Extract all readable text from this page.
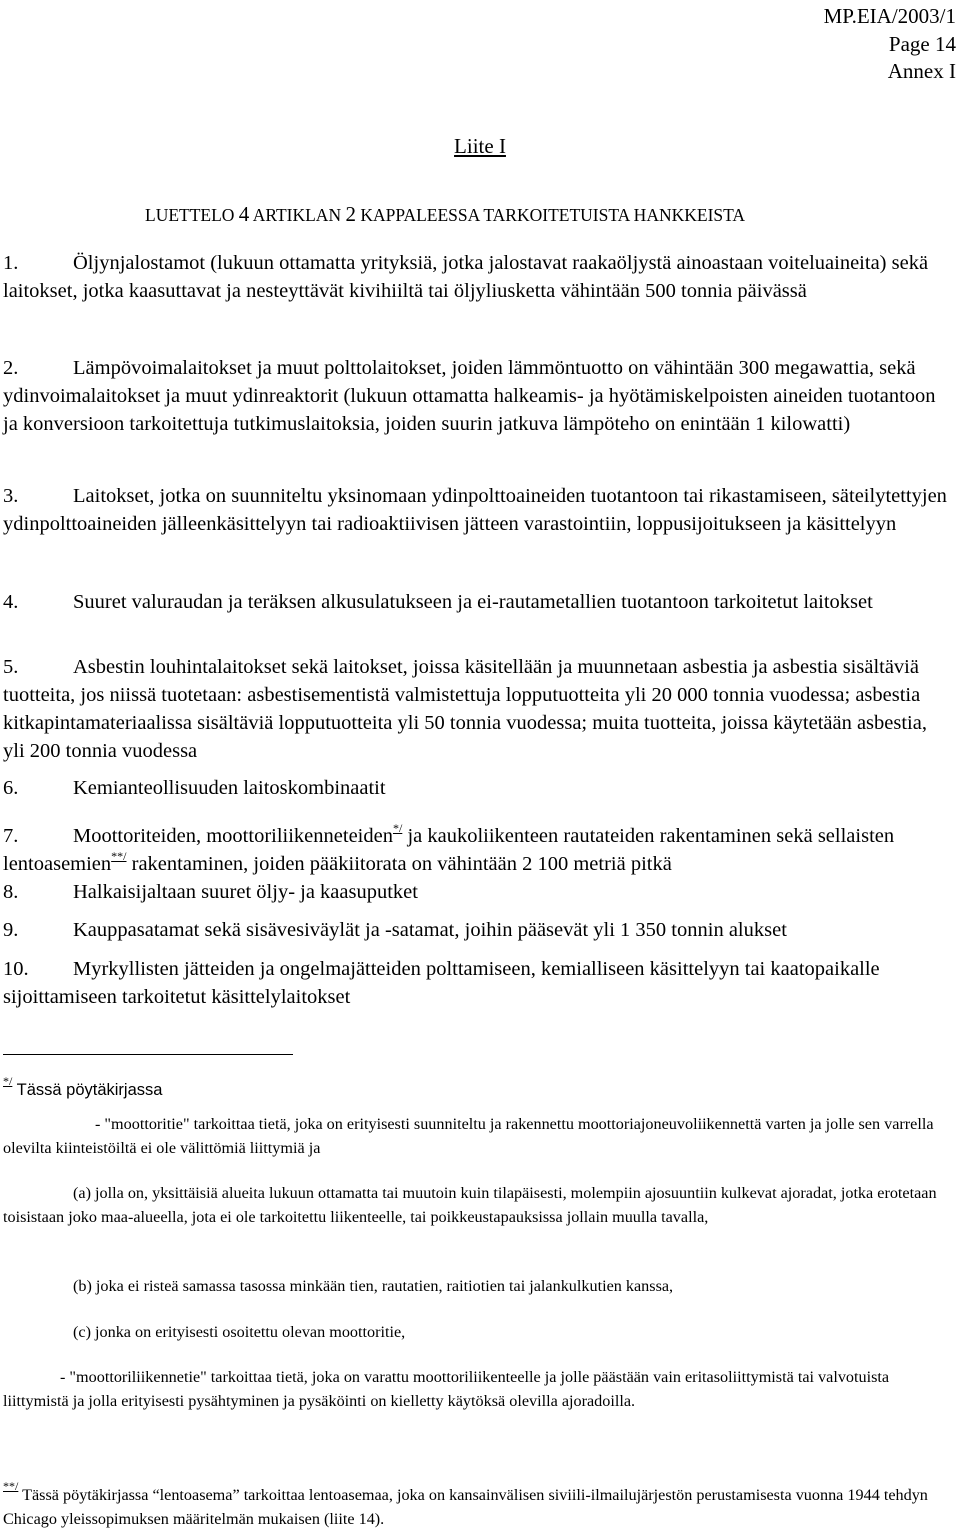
MP.EIA/2003/1
Page 14
Annex I
Liite I
LUETTELO 4 ARTIKLAN 2 KAPPALEESSA TARKOITETUISTA HANKKEISTA
1.	Öljynjalostamot (lukuun ottamatta yrityksiä, jotka jalostavat raakaöljystä ainoastaan voiteluaineita) sekä laitokset, jotka kaasuttavat ja nesteyttävät kivihiiltä tai öljyliusketta vähintään 500 tonnia päivässä
2.	Lämpövoimalaitokset ja muut polttolaitokset, joiden lämmöntuotto on vähintään 300 megawattia, sekä ydinvoimalaitokset ja muut ydinreaktorit (lukuun ottamatta halkeamis- ja hyötämiskelpoisten aineiden tuotantoon ja konversioon tarkoitettuja tutkimuslaitoksia, joiden suurin jatkuva lämpöteho on enintään 1 kilowatti)
3.	Laitokset, jotka on suunniteltu yksinomaan ydinpolttoaineiden tuotantoon tai rikastamiseen, säteilytettyjen ydinpolttoaineiden jälleenkäsittelyyn tai radioaktiivisen jätteen varastointiin, loppusijoitukseen ja käsittelyyn
4.	Suuret valuraudan ja teräksen alkusulatukseen ja ei-rautametallien tuotantoon tarkoitetut laitokset
5.	Asbestin louhintalaitokset sekä laitokset, joissa käsitellään ja muunnetaan asbestia ja asbestia sisältäviä tuotteita, jos niissä tuotetaan: asbestisementistä valmistettuja lopputuotteita yli 20 000 tonnia vuodessa; asbestia kitkapintamateriaalissa sisältäviä lopputuotteita yli 50 tonnia vuodessa; muita tuotteita, joissa käytetään asbestia, yli 200 tonnia vuodessa
6.	Kemianteollisuuden laitoskombinaatit
7.	Moottoriteiden, moottoriliikenneteiden*/ ja kaukoliikenteen rautateiden rakentaminen sekä sellaisten lentoasemien**/ rakentaminen, joiden pääkiitorata on vähintään 2 100 metriä pitkä
8.	Halkaisijaltaan suuret öljy- ja kaasuputket
9.	Kauppasatamat sekä sisävesiväylät ja -satamat, joihin pääsevät yli 1 350 tonnin alukset
10. Myrkyllisten jätteiden ja ongelmajätteiden polttamiseen, kemialliseen käsittelyyn tai kaatopaikalle sijoittamiseen tarkoitetut käsittelylaitokset
*/ Tässä pöytäkirjassa
- "moottoritie" tarkoittaa tietä, joka on erityisesti suunniteltu ja rakennettu moottoriajoneuvoliikennettä varten ja jolle sen varrella olevilta kiinteistöiltä ei ole välittömiä liittymiä ja
(a) jolla on, yksittäisiä alueita lukuun ottamatta tai muutoin kuin tilapäisesti, molempiin ajosuuntiin kulkevat ajoradat, jotka erotetaan toisistaan joko maa-alueella, jota ei ole tarkoitettu liikenteelle, tai poikkeustapauksissa jollain muulla tavalla,
(b) joka ei risteä samassa tasossa minkään tien, rautatien, raitiotien tai jalankulkutien kanssa,
(c) jonka on erityisesti osoitettu olevan moottoritie,
- "moottoriliikennetie" tarkoittaa tietä, joka on varattu moottoriliikenteelle ja jolle päästään vain eritasoliittymistä tai valvotuista liittymistä ja jolla erityisesti pysähtyminen ja pysäköinti on kielletty käytöksä olevilla ajoradoilla.
**/ Tässä pöytäkirjassa “lentoasema” tarkoittaa lentoasemaa, joka on kansainvälisen siviili-ilmailujärjestön perustamisesta vuonna 1944 tehdyn Chicago yleissopimuksen määritelmän mukaisen (liite 14).
